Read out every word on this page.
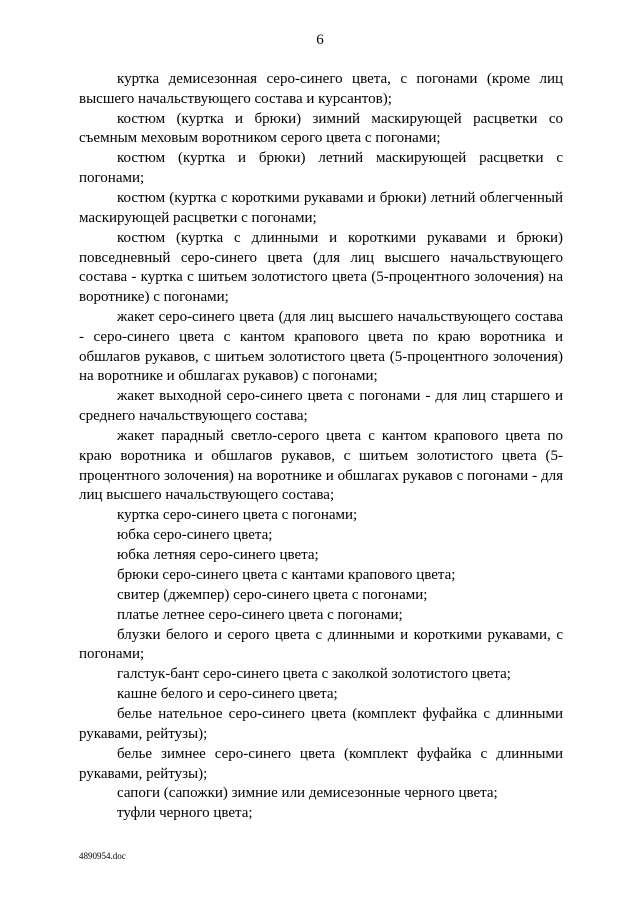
6

куртка демисезонная серо-синего цвета, с погонами (кроме лиц высшего начальствующего состава и курсантов);

костюм (куртка и брюки) зимний маскирующей расцветки со съемным меховым воротником серого цвета с погонами;

костюм (куртка и брюки) летний маскирующей расцветки с погонами;

костюм (куртка с короткими рукавами и брюки) летний облегченный маскирующей расцветки с погонами;

костюм (куртка с длинными и короткими рукавами и брюки) повседневный серо-синего цвета (для лиц высшего начальствующего состава - куртка с шитьем золотистого цвета (5-процентного золочения) на воротнике) с погонами;

жакет серо-синего цвета (для лиц высшего начальствующего состава - серо-синего цвета с кантом крапового цвета по краю воротника и обшлагов рукавов, с шитьем золотистого цвета (5-процентного золочения) на воротнике и обшлагах рукавов) с погонами;

жакет выходной серо-синего цвета с погонами - для лиц старшего и среднего начальствующего состава;

жакет парадный светло-серого цвета с кантом крапового цвета по краю воротника и обшлагов рукавов, с шитьем золотистого цвета (5-процентного золочения) на воротнике и обшлагах рукавов с погонами - для лиц высшего начальствующего состава;

куртка серо-синего цвета с погонами;

юбка серо-синего цвета;

юбка летняя серо-синего цвета;

брюки серо-синего цвета с кантами крапового цвета;

свитер (джемпер) серо-синего цвета с погонами;

платье летнее серо-синего цвета с погонами;

блузки белого и серого цвета с длинными и короткими рукавами, с погонами;

галстук-бант серо-синего цвета с заколкой золотистого цвета;

кашне белого и серо-синего цвета;

белье нательное серо-синего цвета (комплект фуфайка с длинными рукавами, рейтузы);

белье зимнее серо-синего цвета (комплект фуфайка с длинными рукавами, рейтузы);

сапоги (сапожки) зимние или демисезонные черного цвета;

туфли черного цвета;

4890954.doc
